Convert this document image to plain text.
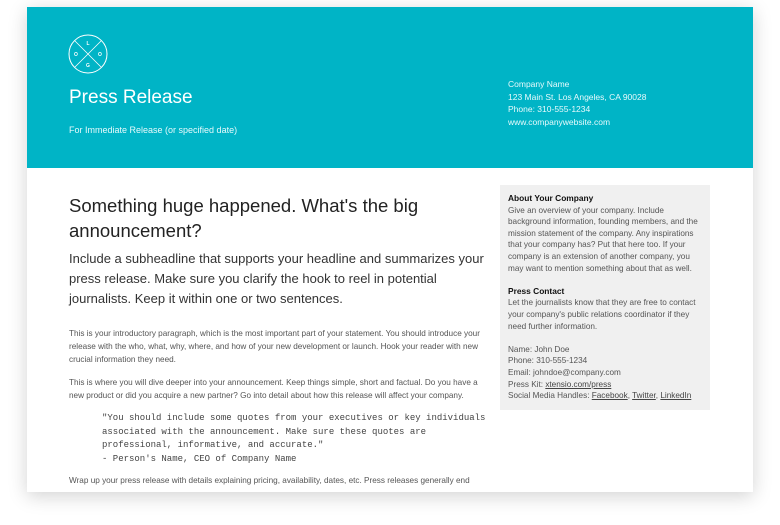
L
O	O
G
Press Release
For Immediate Release (or specified date)
Company Name
123 Main St. Los Angeles, CA 90028
Phone: 310-555-1234
www.companywebsite.com
Something huge happened. What's the big announcement?

Include a subheadline that supports your headline and summarizes your press release. Make sure you clarify the hook to reel in potential journalists. Keep it within one or two sentences.

This is your introductory paragraph, which is the most important part of your statement. You should introduce your release with the who, what, why, where, and how of your new development or launch. Hook your reader with new crucial information they need.

This is where you will dive deeper into your announcement. Keep things simple, short and factual. Do you have a new product or did you acquire a new partner? Go into detail about how this release will affect your company.

"You should include some quotes from your executives or key individuals associated with the announcement. Make sure these quotes are professional, informative, and accurate."
- Person's Name, CEO of Company Name

Wrap up your press release with details explaining pricing, availability, dates, etc. Press releases generally end

About Your Company

Give an overview of your company. Include background information, founding members, and the mission statement of the company. Any inspirations that your company has? Put that here too. If your company is an extension of another company, you may want to mention something about that as well.

Press Contact

Let the journalists know that they are free to contact your company's public relations coordinator if they need further information.

Name: John Doe

Phone: 310-555-1234

Email: johndoe@company.com

Press Kit: xtensio.com/press

Social Media Handles: Facebook, Twitter, LinkedIn
